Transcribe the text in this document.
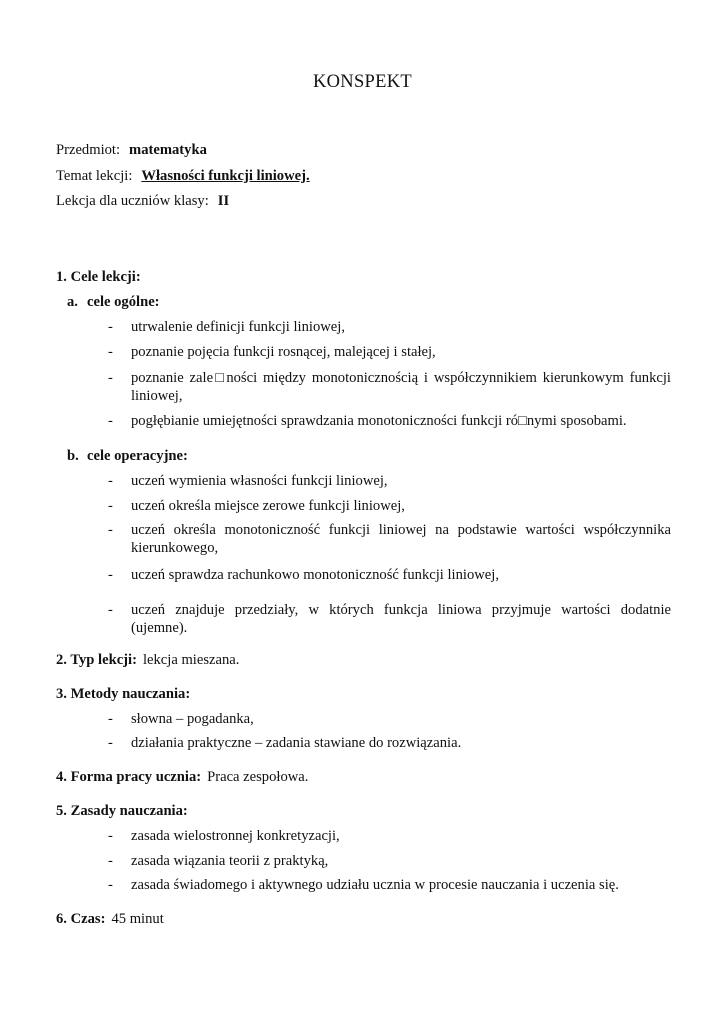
KONSPEKT
Przedmiot: matematyka
Temat lekcji: Własności funkcji liniowej.
Lekcja dla uczniów klasy: II
1. Cele lekcji:
a. cele ogólne:
- utrwalenie definicji funkcji liniowej,
- poznanie pojęcia funkcji rosnącej, malejącej i stałej,
- poznanie zale□ności między monotonicznością i współczynnikiem kierunkowym funkcji liniowej,
- pogłębianie umiejętności sprawdzania monotoniczności funkcji ró□nymi sposobami.
b. cele operacyjne:
- uczeń wymienia własności funkcji liniowej,
- uczeń określa miejsce zerowe funkcji liniowej,
- uczeń określa monotoniczność funkcji liniowej na podstawie wartości współczynnika kierunkowego,
- uczeń sprawdza rachunkowo monotoniczność funkcji liniowej,
- uczeń znajduje przedziały, w których funkcja liniowa przyjmuje wartości dodatnie (ujemne).
2. Typ lekcji: lekcja mieszana.
3. Metody nauczania:
- słowna – pogadanka,
- działania praktyczne – zadania stawiane do rozwiązania.
4. Forma pracy ucznia: Praca zespołowa.
5. Zasady nauczania:
- zasada wielostronnej konkretyzacji,
- zasada wiązania teorii z praktyką,
- zasada świadomego i aktywnego udziału ucznia w procesie nauczania i uczenia się.
6. Czas: 45 minut
